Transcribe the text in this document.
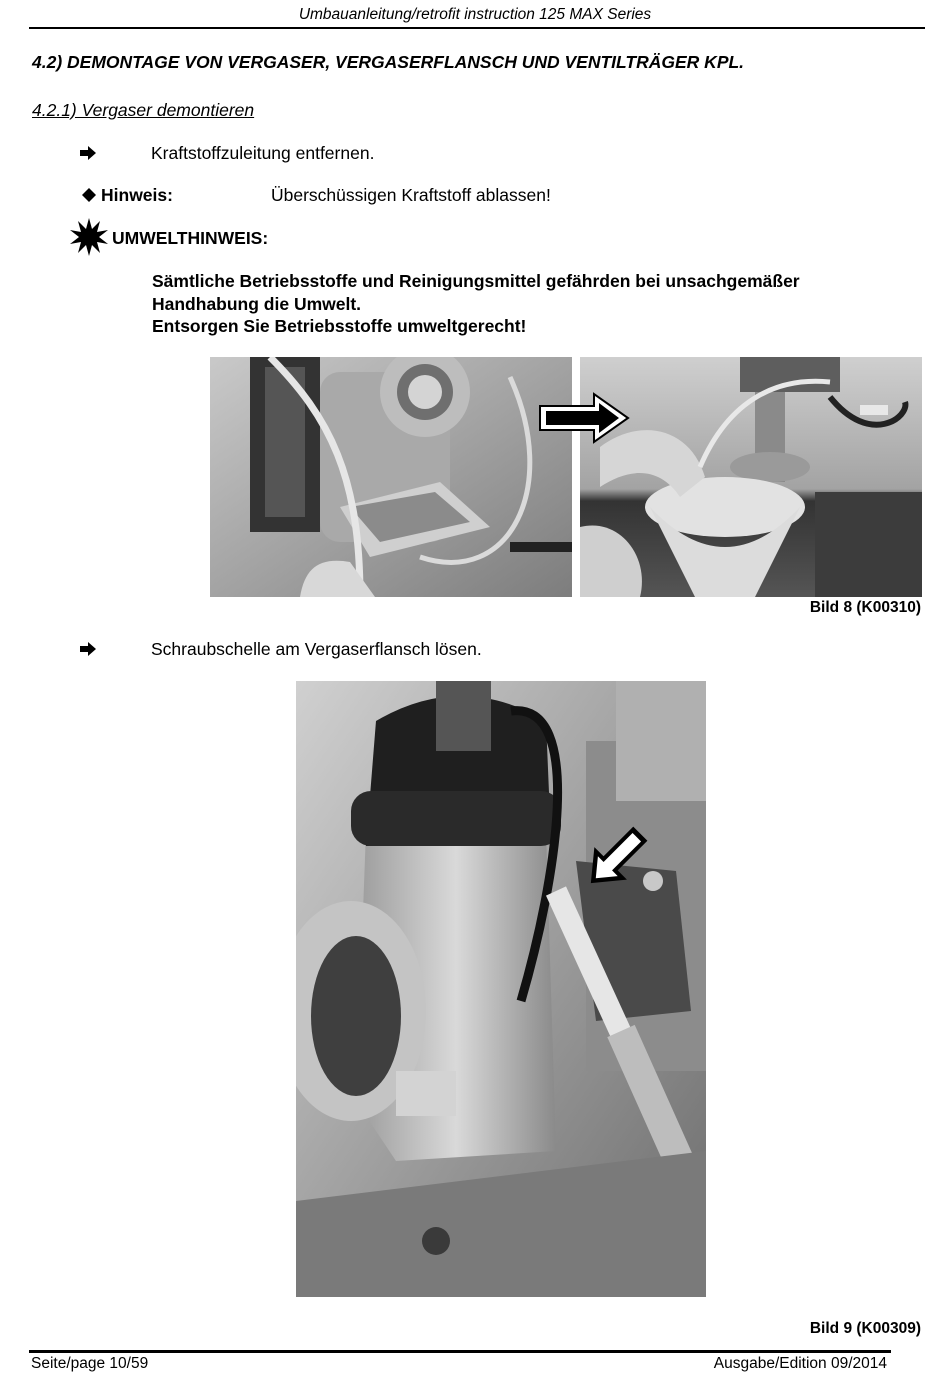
Umbauanleitung/retrofit instruction 125 MAX Series
4.2) DEMONTAGE VON VERGASER, VERGASERFLANSCH UND VENTILTRÄGER KPL.
4.2.1) Vergaser demontieren
Kraftstoffzuleitung entfernen.
Hinweis:	Überschüssigen Kraftstoff ablassen!
UMWELTHINWEIS:
Sämtliche Betriebsstoffe und Reinigungsmittel gefährden bei unsachgemäßer
Handhabung die Umwelt.
Entsorgen Sie Betriebsstoffe umweltgerecht!
Bild 8 (K00310)
Schraubschelle am Vergaserflansch lösen.
Bild 9 (K00309)
Seite/page 10/59	Ausgabe/Edition 09/2014
